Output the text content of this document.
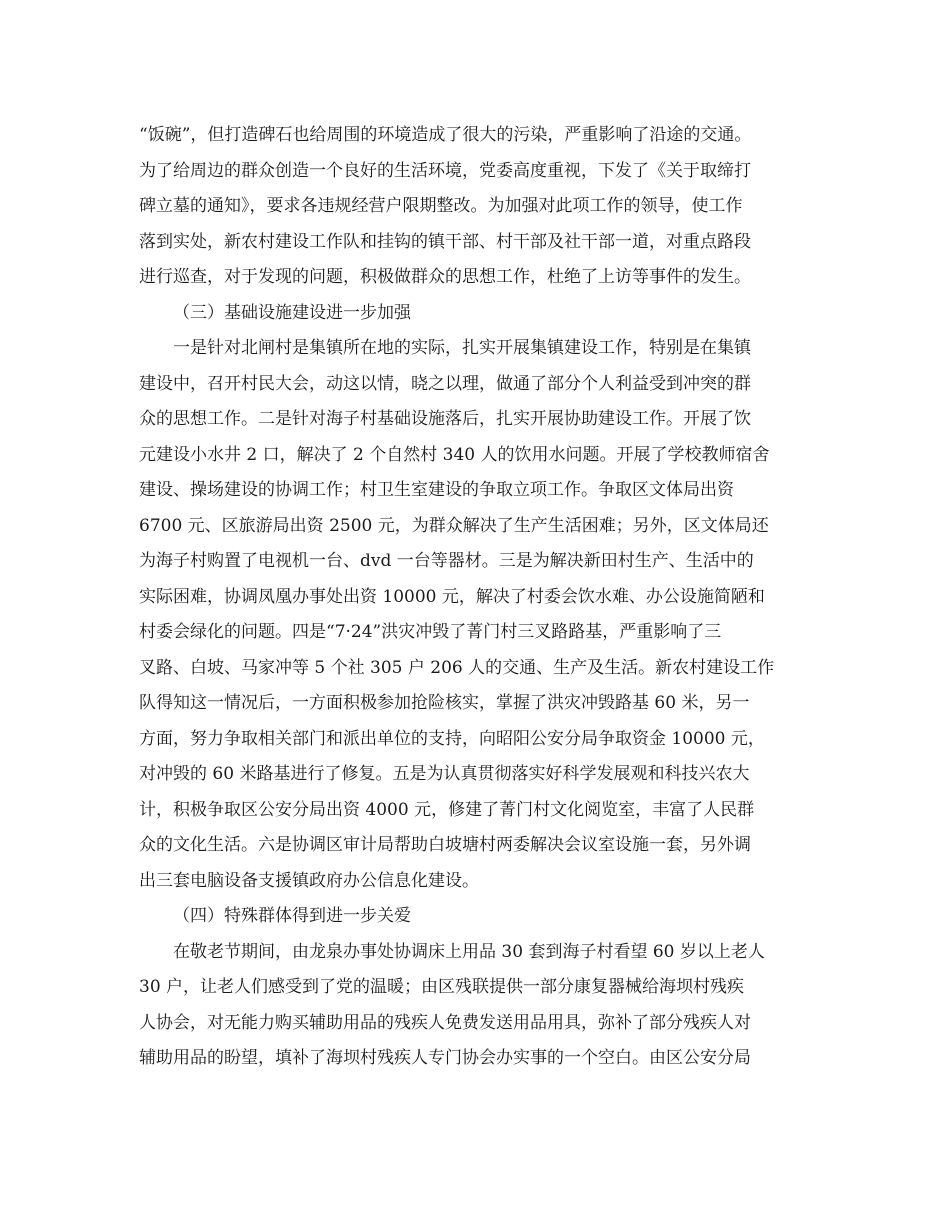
“饭碗”，但打造碑石也给周围的环境造成了很大的污染，严重影响了沿途的交通。
为了给周边的群众创造一个良好的生活环境，党委高度重视，下发了《关于取缔打
碑立墓的通知》，要求各违规经营户限期整改。为加强对此项工作的领导，使工作
落到实处，新农村建设工作队和挂钩的镇干部、村干部及社干部一道，对重点路段
进行巡查，对于发现的问题，积极做群众的思想工作，杜绝了上访等事件的发生。
（三）基础设施建设进一步加强
一是针对北闸村是集镇所在地的实际，扎实开展集镇建设工作，特别是在集镇
建设中，召开村民大会，动这以情，晓之以理，做通了部分个人利益受到冲突的群
众的思想工作。二是针对海子村基础设施落后，扎实开展协助建设工作。开展了饮
元建设小水井 2 口，解决了 2 个自然村 340 人的饮用水问题。开展了学校教师宿舍
建设、操场建设的协调工作；村卫生室建设的争取立项工作。争取区文体局出资
6700 元、区旅游局出资 2500 元，为群众解决了生产生活困难；另外，区文体局还
为海子村购置了电视机一台、dvd 一台等器材。三是为解决新田村生产、生活中的
实际困难，协调凤凰办事处出资 10000 元，解决了村委会饮水难、办公设施简陋和
村委会绿化的问题。四是“7·24”洪灾冲毁了菁门村三叉路路基，严重影响了三
叉路、白坡、马家冲等 5 个社 305 户 206 人的交通、生产及生活。新农村建设工作
队得知这一情况后，一方面积极参加抢险核实，掌握了洪灾冲毁路基 60 米，另一
方面，努力争取相关部门和派出单位的支持，向昭阳公安分局争取资金 10000 元，
对冲毁的 60 米路基进行了修复。五是为认真贯彻落实好科学发展观和科技兴农大
计，积极争取区公安分局出资 4000 元，修建了菁门村文化阅览室，丰富了人民群
众的文化生活。六是协调区审计局帮助白坡塘村两委解决会议室设施一套，另外调
出三套电脑设备支援镇政府办公信息化建设。
（四）特殊群体得到进一步关爱
在敬老节期间，由龙泉办事处协调床上用品 30 套到海子村看望 60 岁以上老人
30 户，让老人们感受到了党的温暖；由区残联提供一部分康复器械给海坝村残疾
人协会，对无能力购买辅助用品的残疾人免费发送用品用具，弥补了部分残疾人对
辅助用品的盼望，填补了海坝村残疾人专门协会办实事的一个空白。由区公安分局
